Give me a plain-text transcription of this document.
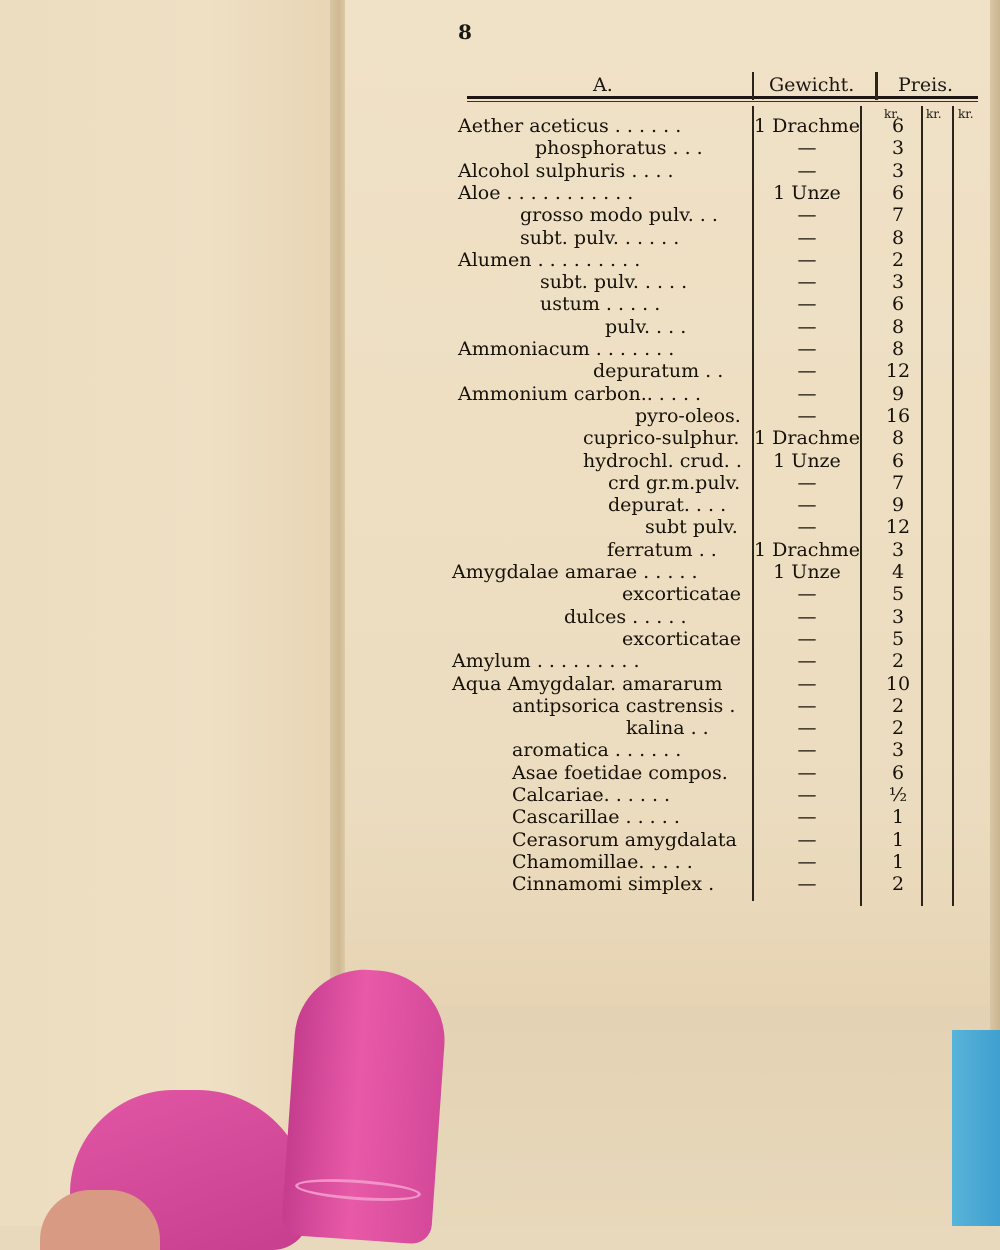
8
A.	Gewicht. Preis.
kr. kr. kr.
Aether aceticus . . . . . .	1 Drachme	6
phosphoratus . . .	—	3
Alcohol sulphuris . . . .	—	3
Aloe . . . . . . . . . . .	1 Unze	6
grosso modo pulv. . .	—	7
subt. pulv. . . . . .	—	8
Alumen . . . . . . . . .	—	2
subt. pulv. . . . .	—	3
ustum . . . . .	—	6
pulv. . . .	—	8
Ammoniacum . . . . . . .	—	8
depuratum . .	—	12
Ammonium carbon.. . . . .	—	9
pyro-oleos.	—	16
cuprico-sulphur. 1 Drachme	8
hydrochl. crud. .	1 Unze	6
crd gr.m.pulv.	—	7
depurat. . . .	—	9
subt pulv.	—	12
ferratum . .	1 Drachme	3
Amygdalae amarae . . . . .	1 Unze	4
excorticatae	—	5
dulces . . . . .	—	3
excorticatae	—	5
Amylum . . . . . . . . .	—	2
Aqua Amygdalar. amararum	—	10
antipsorica castrensis .	—	2
kalina . .	—	2
aromatica . . . . . .	—	3
Asae foetidae compos.	—	6
Calcariae. . . . . .	—	½
Cascarillae . . . . .	—	1
Cerasorum amygdalata	—	1
Chamomillae. . . . .	—	1
Cinnamomi simplex .	—	2
